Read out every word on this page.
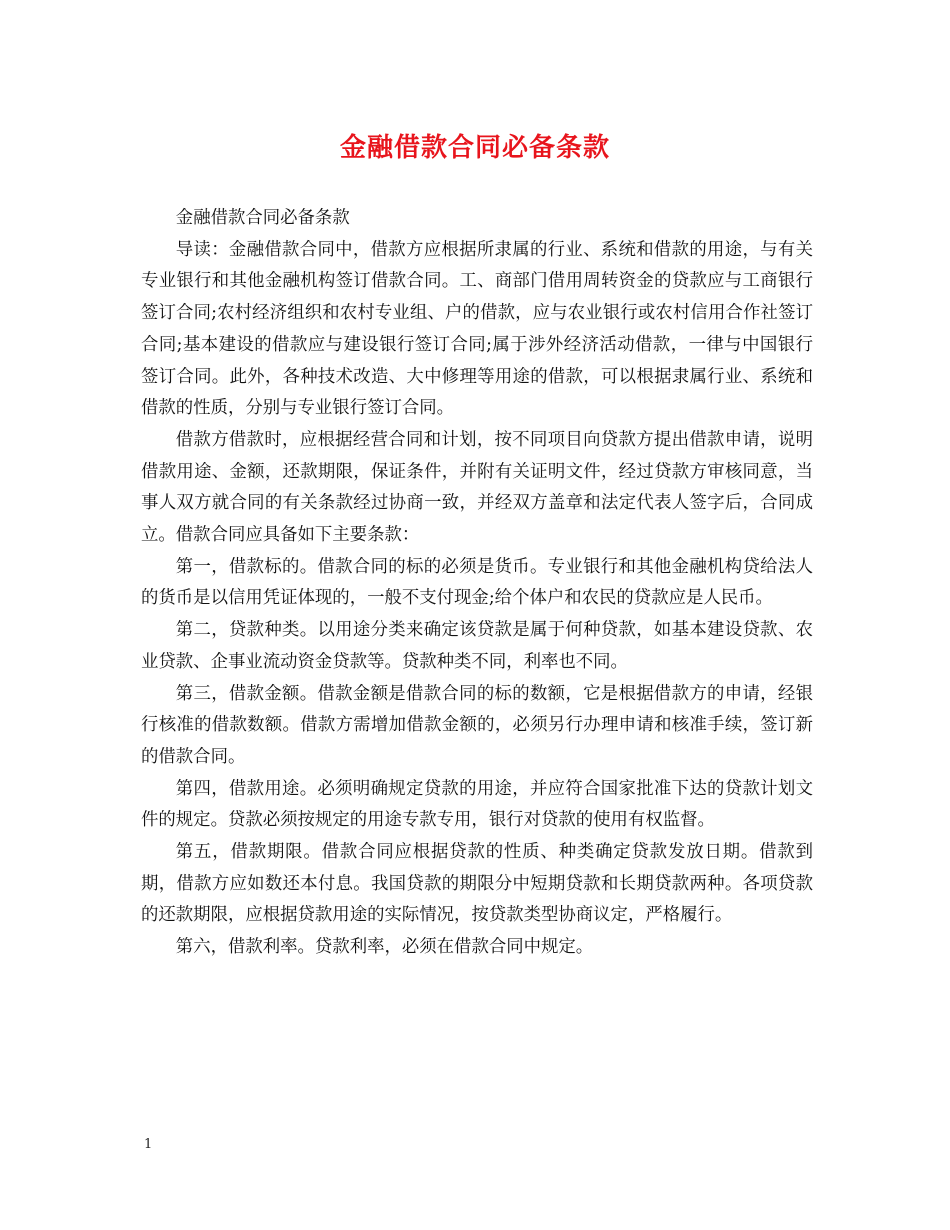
金融借款合同必备条款

金融借款合同必备条款

导读：金融借款合同中，借款方应根据所隶属的行业、系统和借款的用途，与有关专业银行和其他金融机构签订借款合同。工、商部门借用周转资金的贷款应与工商银行签订合同;农村经济组织和农村专业组、户的借款，应与农业银行或农村信用合作社签订合同;基本建设的借款应与建设银行签订合同;属于涉外经济活动借款，一律与中国银行签订合同。此外，各种技术改造、大中修理等用途的借款，可以根据隶属行业、系统和借款的性质，分别与专业银行签订合同。

借款方借款时，应根据经营合同和计划，按不同项目向贷款方提出借款申请，说明借款用途、金额，还款期限，保证条件，并附有关证明文件，经过贷款方审核同意，当事人双方就合同的有关条款经过协商一致，并经双方盖章和法定代表人签字后，合同成立。借款合同应具备如下主要条款：

第一，借款标的。借款合同的标的必须是货币。专业银行和其他金融机构贷给法人的货币是以信用凭证体现的，一般不支付现金;给个体户和农民的贷款应是人民币。

第二，贷款种类。以用途分类来确定该贷款是属于何种贷款，如基本建设贷款、农业贷款、企事业流动资金贷款等。贷款种类不同，利率也不同。

第三，借款金额。借款金额是借款合同的标的数额，它是根据借款方的申请，经银行核准的借款数额。借款方需增加借款金额的，必须另行办理申请和核准手续，签订新的借款合同。

第四，借款用途。必须明确规定贷款的用途，并应符合国家批准下达的贷款计划文件的规定。贷款必须按规定的用途专款专用，银行对贷款的使用有权监督。

第五，借款期限。借款合同应根据贷款的性质、种类确定贷款发放日期。借款到期，借款方应如数还本付息。我国贷款的期限分中短期贷款和长期贷款两种。各项贷款的还款期限，应根据贷款用途的实际情况，按贷款类型协商议定，严格履行。

第六，借款利率。贷款利率，必须在借款合同中规定。

1
